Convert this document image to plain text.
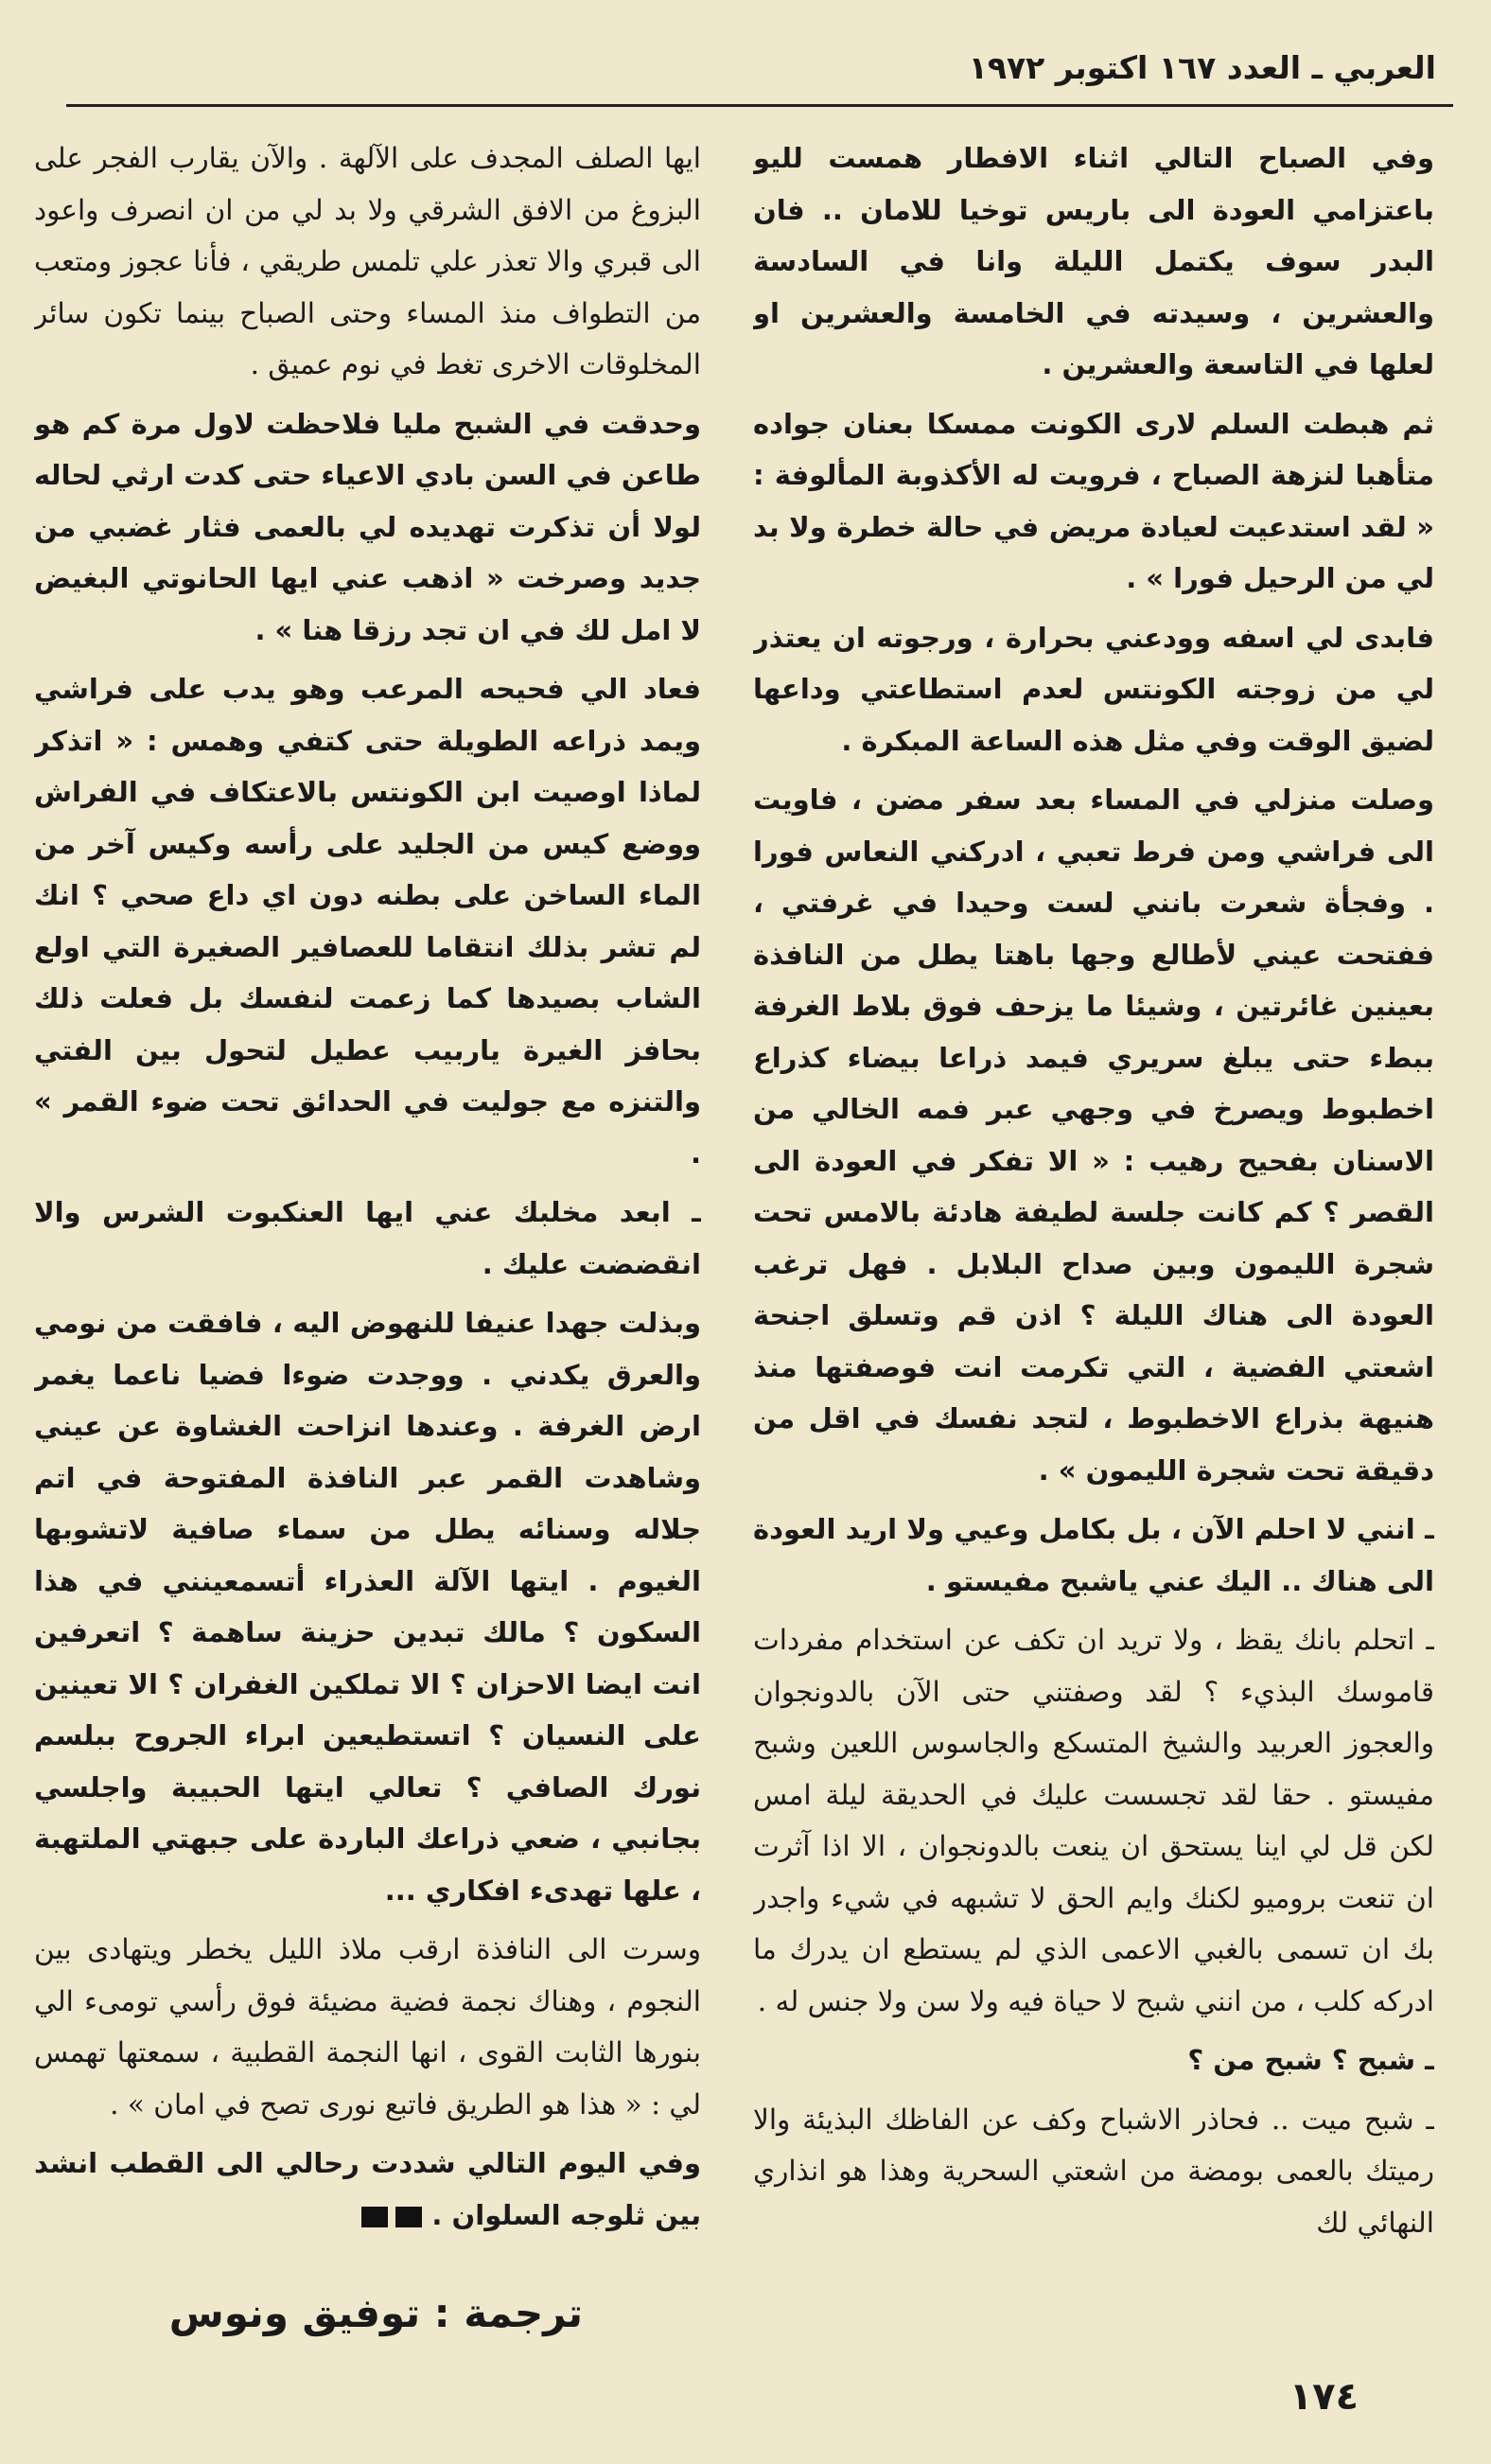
العربي ـ العدد ١٦٧ اكتوبر ١٩٧٢

وفي الصباح التالي اثناء الافطار همست لليو باعتزامي العودة الى باريس توخيا للامان .. فان البدر سوف يكتمل الليلة وانا في السادسة والعشرين ، وسيدته في الخامسة والعشرين او لعلها في التاسعة والعشرين .

ثم هبطت السلم لارى الكونت ممسكا بعنان جواده متأهبا لنزهة الصباح ، فرويت له الأكذوبة المألوفة : « لقد استدعيت لعيادة مريض في حالة خطرة ولا بد لي من الرحيل فورا » .

فابدى لي اسفه وودعني بحرارة ، ورجوته ان يعتذر لي من زوجته الكونتس لعدم استطاعتي وداعها لضيق الوقت وفي مثل هذه الساعة المبكرة .

وصلت منزلي في المساء بعد سفر مضن ، فاويت الى فراشي ومن فرط تعبي ، ادركني النعاس فورا . وفجأة شعرت بانني لست وحيدا في غرفتي ، ففتحت عيني لأطالع وجها باهتا يطل من النافذة بعينين غائرتين ، وشيئا ما يزحف فوق بلاط الغرفة ببطء حتى يبلغ سريري فيمد ذراعا بيضاء كذراع اخطبوط ويصرخ في وجهي عبر فمه الخالي من الاسنان بفحيح رهيب : « الا تفكر في العودة الى القصر ؟ كم كانت جلسة لطيفة هادئة بالامس تحت شجرة الليمون وبين صداح البلابل . فهل ترغب العودة الى هناك الليلة ؟ اذن قم وتسلق اجنحة اشعتي الفضية ، التي تكرمت انت فوصفتها منذ هنيهة بذراع الاخطبوط ، لتجد نفسك في اقل من دقيقة تحت شجرة الليمون » .

ـ انني لا احلم الآن ، بل بكامل وعيي ولا اريد العودة الى هناك .. اليك عني ياشبح مفيستو .

ـ اتحلم بانك يقظ ، ولا تريد ان تكف عن استخدام مفردات قاموسك البذيء ؟ لقد وصفتني حتى الآن بالدونجوان والعجوز العربيد والشيخ المتسكع والجاسوس اللعين وشبح مفيستو . حقا لقد تجسست عليك في الحديقة ليلة امس لكن قل لي اينا يستحق ان ينعت بالدونجوان ، الا اذا آثرت ان تنعت بروميو لكنك وايم الحق لا تشبهه في شيء واجدر بك ان تسمى بالغبي الاعمى الذي لم يستطع ان يدرك ما ادركه كلب ، من انني شبح لا حياة فيه ولا سن ولا جنس له .

ـ شبح ؟ شبح من ؟

ـ شبح ميت .. فحاذر الاشباح وكف عن الفاظك البذيئة والا رميتك بالعمى بومضة من اشعتي السحرية وهذا هو انذاري النهائي لك

ايها الصلف المجدف على الآلهة . والآن يقارب الفجر على البزوغ من الافق الشرقي ولا بد لي من ان انصرف واعود الى قبري والا تعذر علي تلمس طريقي ، فأنا عجوز ومتعب من التطواف منذ المساء وحتى الصباح بينما تكون سائر المخلوقات الاخرى تغط في نوم عميق .

وحدقت في الشبح مليا فلاحظت لاول مرة كم هو طاعن في السن بادي الاعياء حتى كدت ارثي لحاله لولا أن تذكرت تهديده لي بالعمى فثار غضبي من جديد وصرخت « اذهب عني ايها الحانوتي البغيض لا امل لك في ان تجد رزقا هنا » .

فعاد الي فحيحه المرعب وهو يدب على فراشي ويمد ذراعه الطويلة حتى كتفي وهمس : « اتذكر لماذا اوصيت ابن الكونتس بالاعتكاف في الفراش ووضع كيس من الجليد على رأسه وكيس آخر من الماء الساخن على بطنه دون اي داع صحي ؟ انك لم تشر بذلك انتقاما للعصافير الصغيرة التي اولع الشاب بصيدها كما زعمت لنفسك بل فعلت ذلك بحافز الغيرة ياربيب عطيل لتحول بين الفتي والتنزه مع جوليت في الحدائق تحت ضوء القمر » .

ـ ابعد مخلبك عني ايها العنكبوت الشرس والا انقضضت عليك .

وبذلت جهدا عنيفا للنهوض اليه ، فافقت من نومي والعرق يكدني . ووجدت ضوءا فضيا ناعما يغمر ارض الغرفة . وعندها انزاحت الغشاوة عن عيني وشاهدت القمر عبر النافذة المفتوحة في اتم جلاله وسنائه يطل من سماء صافية لاتشوبها الغيوم . ايتها الآلة العذراء أتسمعينني في هذا السكون ؟ مالك تبدين حزينة ساهمة ؟ اتعرفين انت ايضا الاحزان ؟ الا تملكين الغفران ؟ الا تعينين على النسيان ؟ اتستطيعين ابراء الجروح ببلسم نورك الصافي ؟ تعالي ايتها الحبيبة واجلسي بجانبي ، ضعي ذراعك الباردة على جبهتي الملتهبة ، علها تهدىء افكاري ...

وسرت الى النافذة ارقب ملاذ الليل يخطر ويتهادى بين النجوم ، وهناك نجمة فضية مضيئة فوق رأسي تومىء الي بنورها الثابت القوى ، انها النجمة القطبية ، سمعتها تهمس لي : « هذا هو الطريق فاتبع نورى تصح في امان » .

وفي اليوم التالي شددت رحالي الى القطب انشد بين ثلوجه السلوان .

ترجمة : توفيق ونوس
١٧٤
